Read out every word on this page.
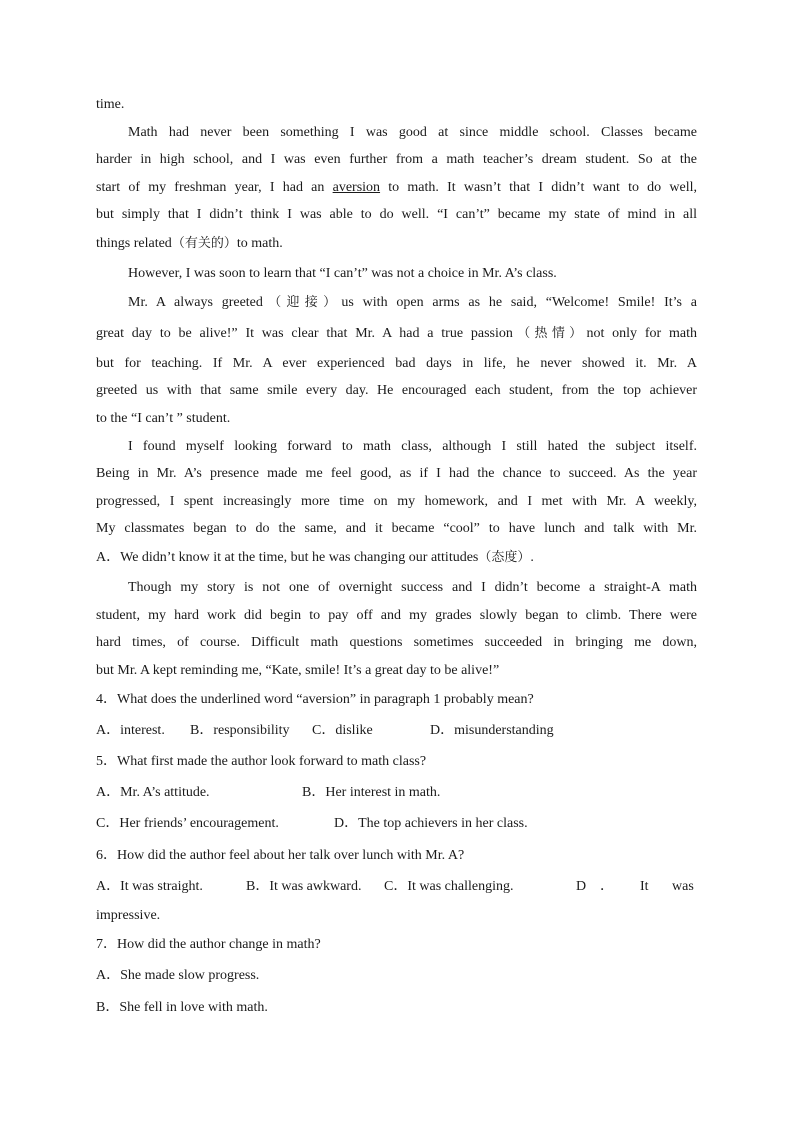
time.
Math had never been something I was good at since middle school. Classes became
harder in high school, and I was even further from a math teacher’s dream student. So at the
start of my freshman year, I had an aversion to math. It wasn’t that I didn’t want to do well,
but simply that I didn’t think I was able to do well. “I can’t” became my state of mind in all
things related（有关的）to math.
However, I was soon to learn that “I can’t” was not a choice in Mr. A’s class.
Mr. A always greeted（迎接）us with open arms as he said, “Welcome! Smile! It’s a
great day to be alive!” It was clear that Mr. A had a true passion（热情）not only for math
but for teaching. If Mr. A ever experienced bad days in life, he never showed it. Mr. A
greeted us with that same smile every day. He encouraged each student, from the top achiever
to the “I can’t ” student.
I found myself looking forward to math class, although I still hated the subject itself.
Being in Mr. A’s presence made me feel good, as if I had the chance to succeed. As the year
progressed, I spent increasingly more time on my homework, and I met with Mr. A weekly,
My classmates began to do the same, and it became “cool” to have lunch and talk with Mr.
A．We didn’t know it at the time, but he was changing our attitudes（态度）.
Though my story is not one of overnight success and I didn’t become a straight-A math
student, my hard work did begin to pay off and my grades slowly began to climb. There were
hard times, of course. Difficult math questions sometimes succeeded in bringing me down,
but Mr. A kept reminding me, “Kate, smile! It’s a great day to be alive!”
4．What does the underlined word “aversion” in paragraph 1 probably mean?
A．interest. B．responsibility C．dislike	D．misunderstanding
5．What first made the author look forward to math class?
A．Mr. A’s attitude.	B．Her interest in math.
C．Her friends’ encouragement.	D．The top achievers in her class.
6．How did the author feel about her talk over lunch with Mr. A?
A．It was straight.	B．It was awkward. C．It was challenging.	D ． It was
impressive.
7．How did the author change in math?
A．She made slow progress.
B．She fell in love with math.
